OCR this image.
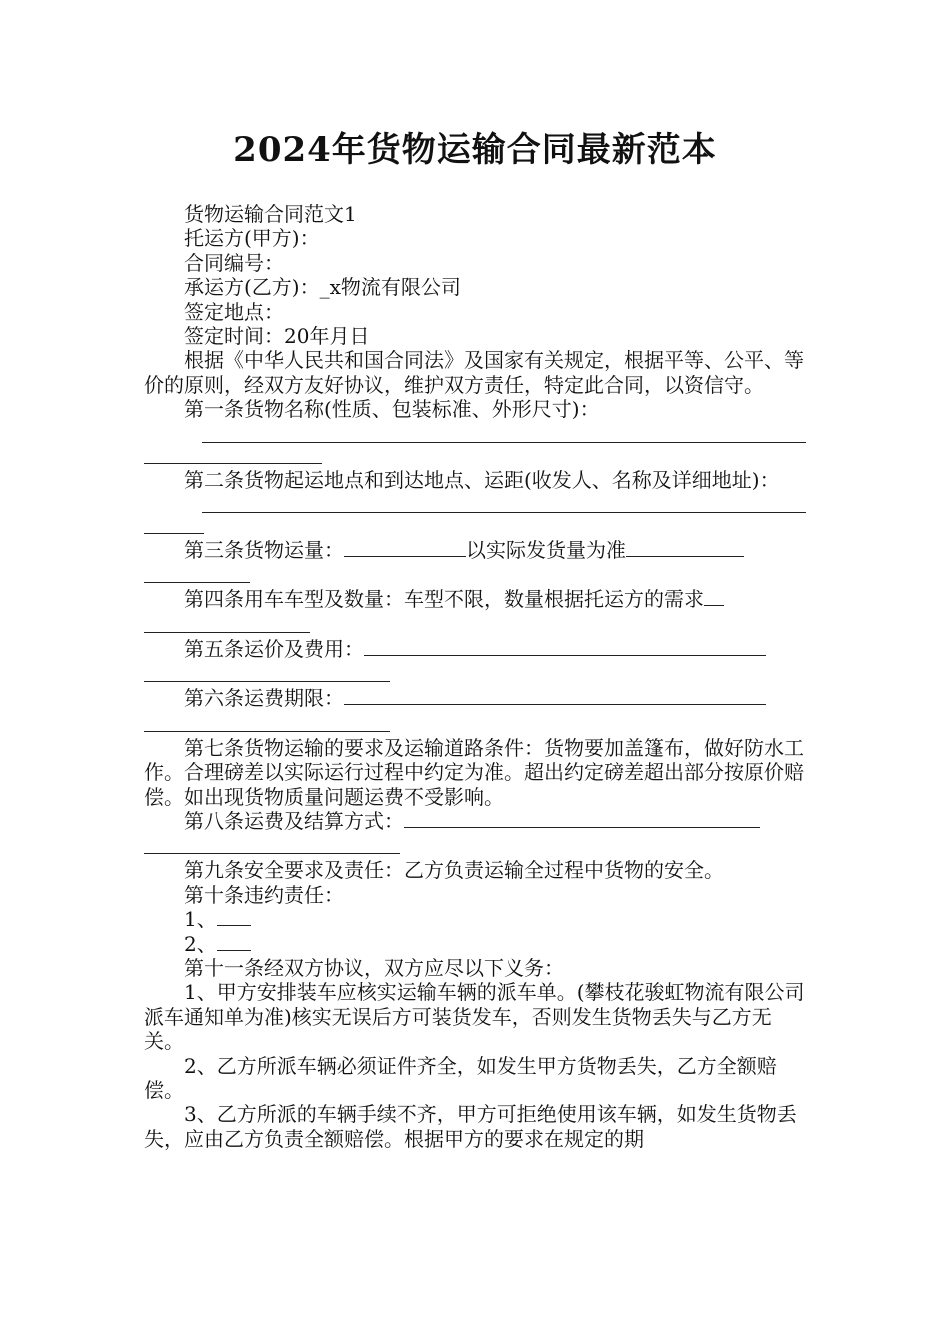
2024年货物运输合同最新范本

货物运输合同范文1

托运方(甲方)：

合同编号：

承运方(乙方)：_x物流有限公司

签定地点：

签定时间：20年月日

根据《中华人民共和国合同法》及国家有关规定，根据平等、公平、等价的原则，经双方友好协议，维护双方责任，特定此合同，以资信守。

第一条货物名称(性质、包装标准、外形尺寸)：

第二条货物起运地点和到达地点、运距(收发人、名称及详细地址)：

第三条货物运量：	以实际发货量为准

第四条用车车型及数量：车型不限，数量根据托运方的需求

第五条运价及费用：

第六条运费期限：

第七条货物运输的要求及运输道路条件：货物要加盖篷布，做好防水工作。合理磅差以实际运行过程中约定为准。超出约定磅差超出部分按原价赔偿。如出现货物质量问题运费不受影响。

第八条运费及结算方式：

第九条安全要求及责任：乙方负责运输全过程中货物的安全。

第十条违约责任：

1、

2、

第十一条经双方协议，双方应尽以下义务：

1、甲方安排装车应核实运输车辆的派车单。(攀枝花骏虹物流有限公司派车通知单为准)核实无误后方可装货发车，否则发生货物丢失与乙方无关。

2、乙方所派车辆必须证件齐全，如发生甲方货物丢失，乙方全额赔偿。

3、乙方所派的车辆手续不齐，甲方可拒绝使用该车辆，如发生货物丢失，应由乙方负责全额赔偿。根据甲方的要求在规定的期
